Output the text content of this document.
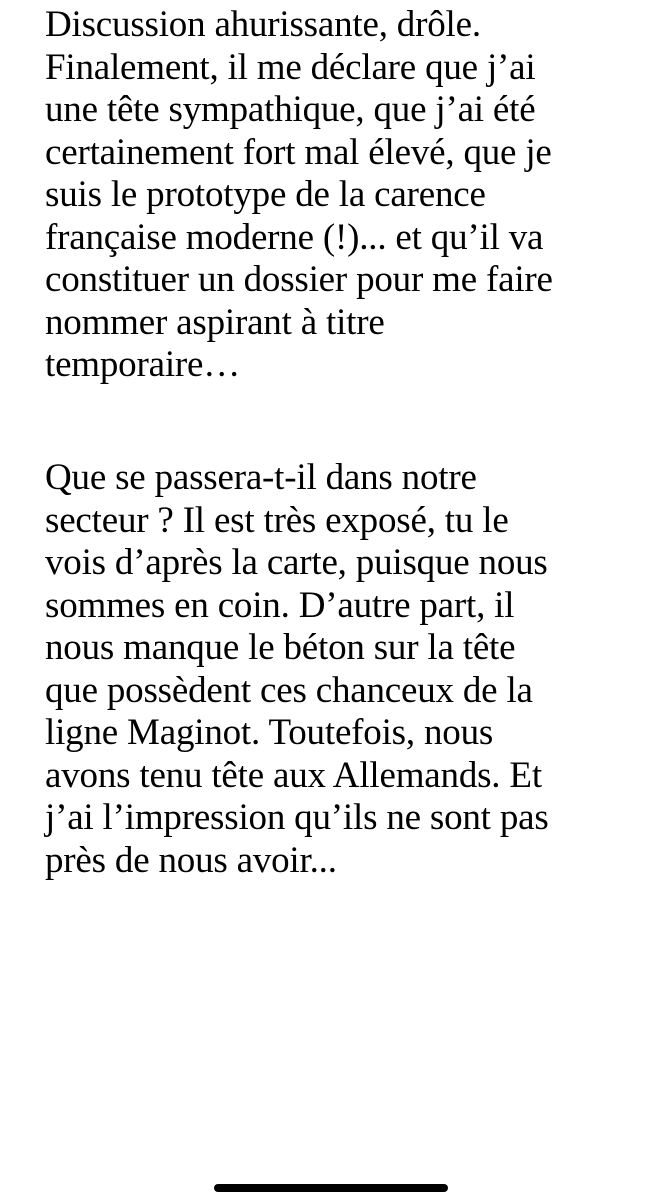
Discussion ahurissante, drôle.
Finalement, il me déclare que j’ai
une tête sympathique, que j’ai été
certainement fort mal élevé, que je
suis le prototype de la carence
française moderne (!)... et qu’il va
constituer un dossier pour me faire
nommer aspirant à titre
temporaire…
Que se passera-t-il dans notre
secteur ? Il est très exposé, tu le
vois d’après la carte, puisque nous
sommes en coin. D’autre part, il
nous manque le béton sur la tête
que possèdent ces chanceux de la
ligne Maginot. Toutefois, nous
avons tenu tête aux Allemands. Et
j’ai l’impression qu’ils ne sont pas
près de nous avoir...
